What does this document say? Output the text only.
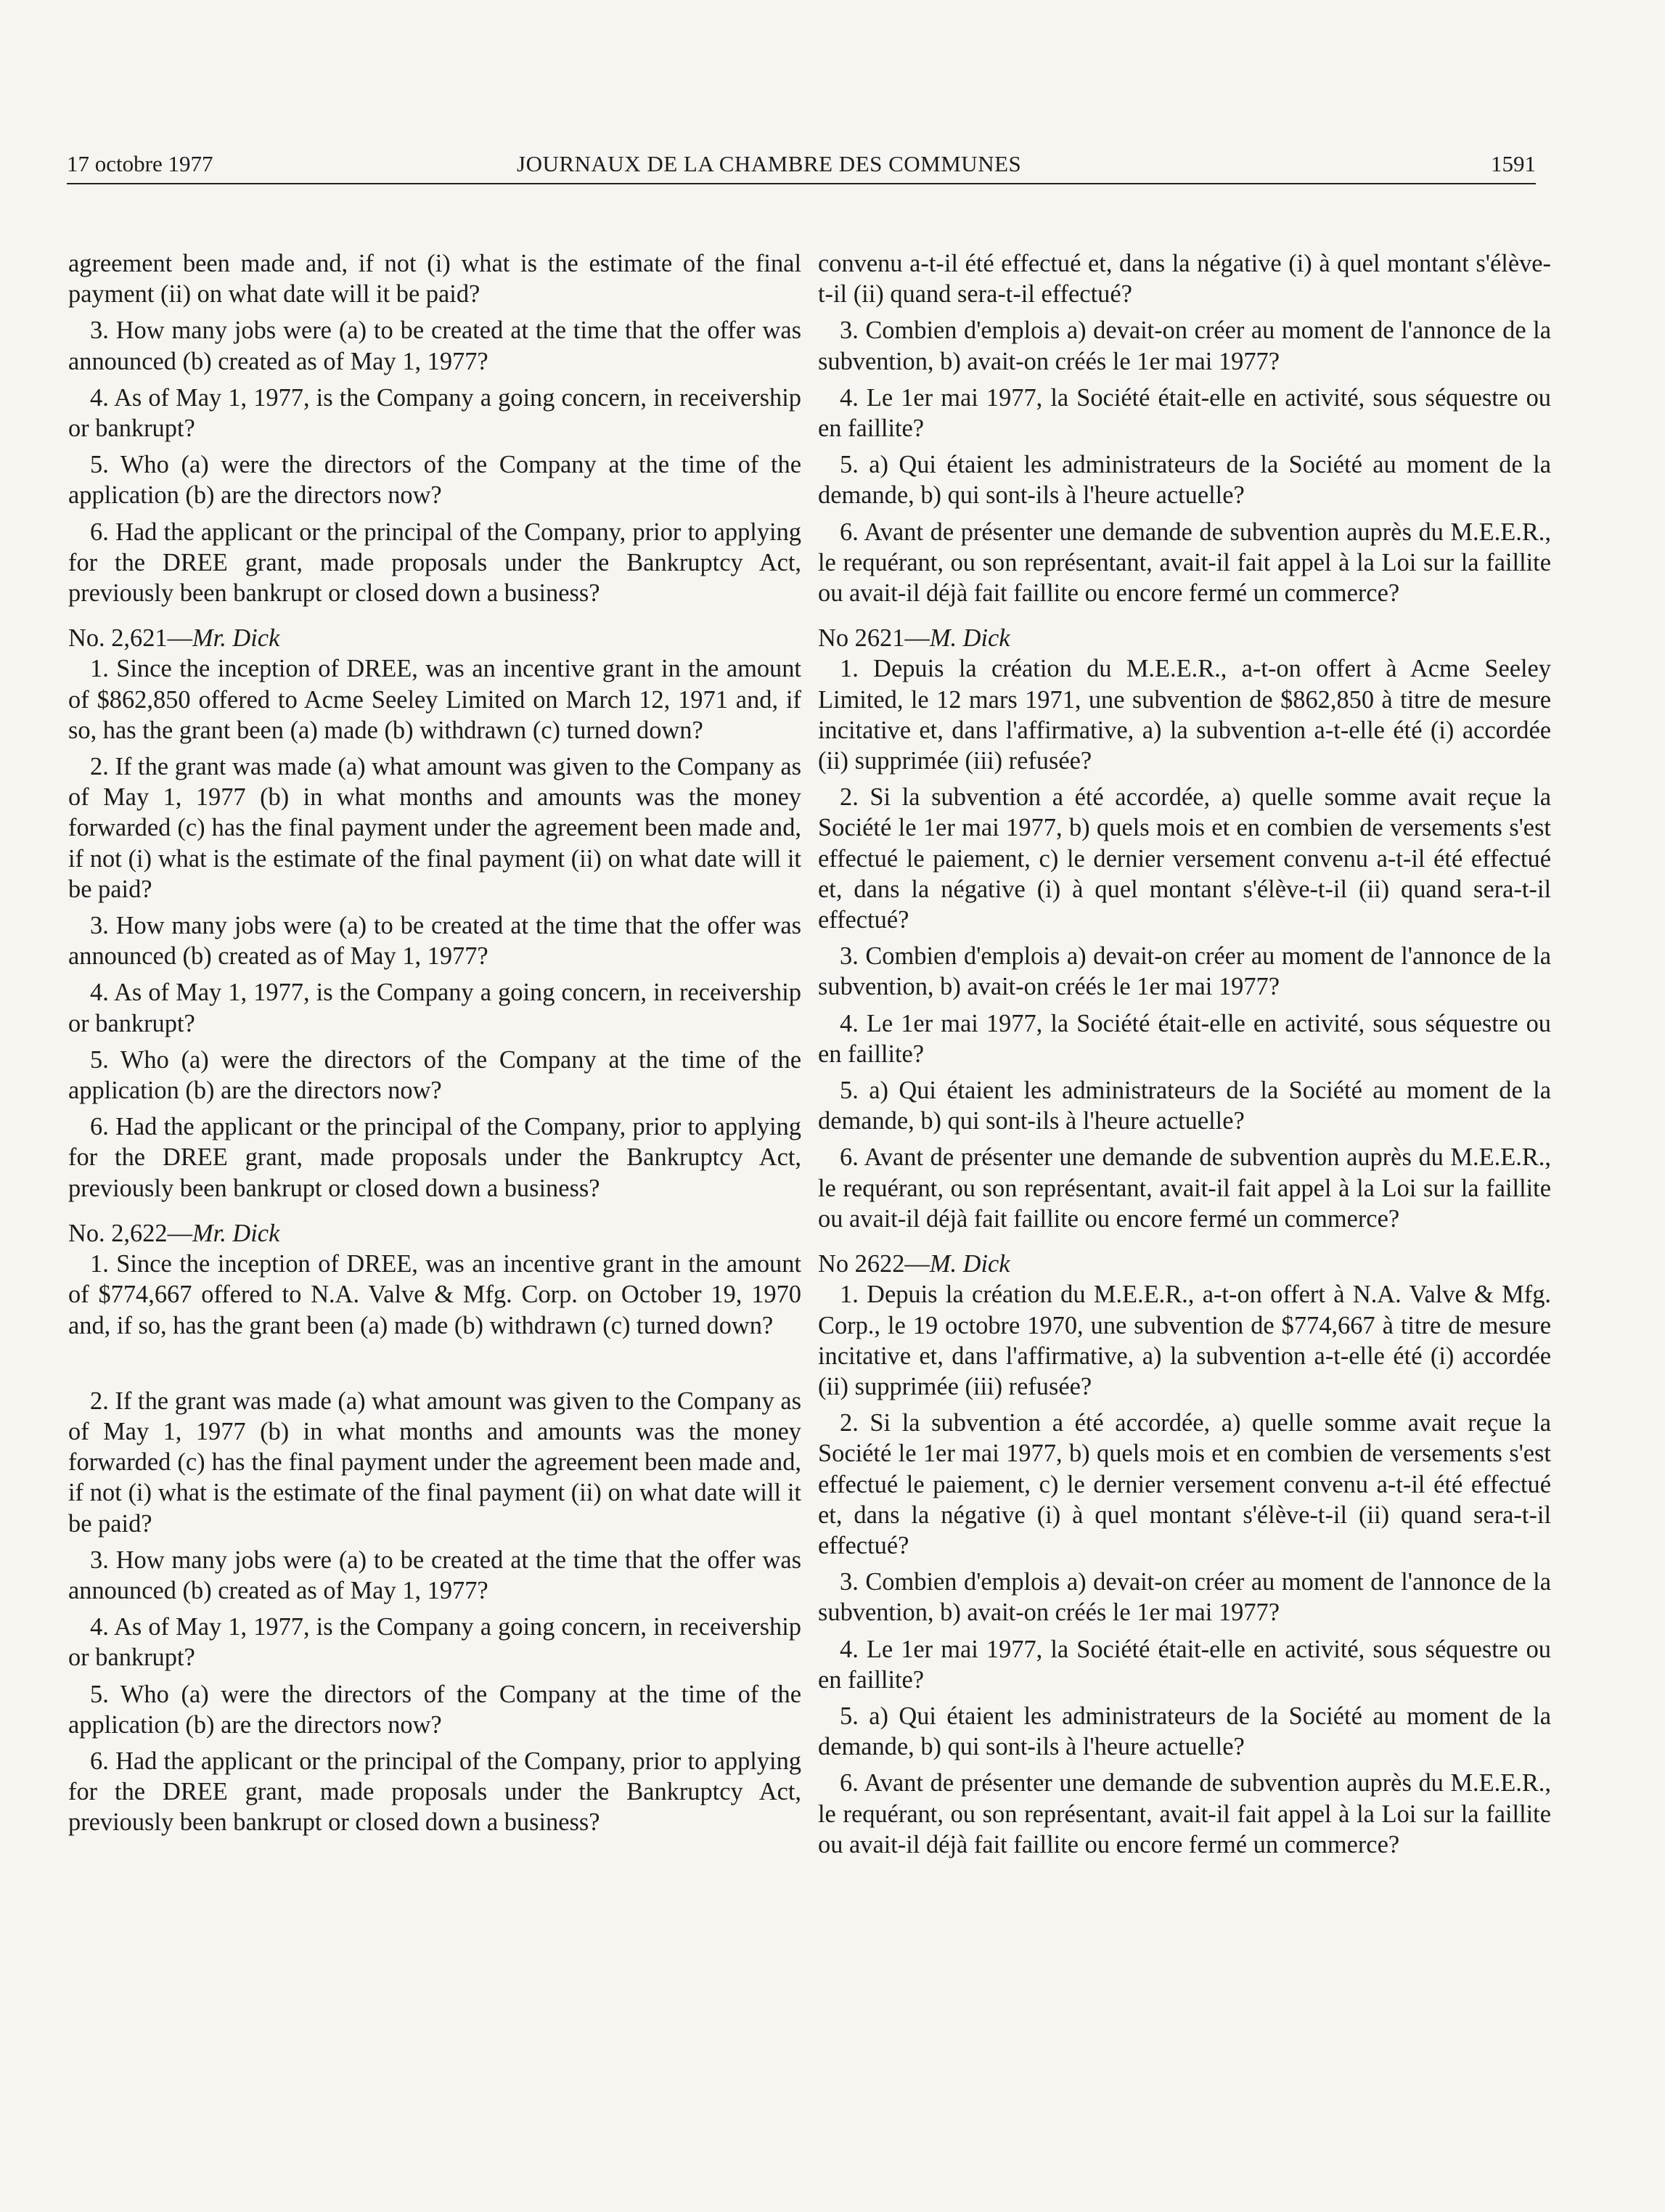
17 octobre 1977	JOURNAUX DE LA CHAMBRE DES COMMUNES	1591

agreement been made and, if not (i) what is the estimate of the final payment (ii) on what date will it be paid?

3. How many jobs were (a) to be created at the time that the offer was announced (b) created as of May 1, 1977?

4. As of May 1, 1977, is the Company a going concern, in receivership or bankrupt?

5. Who (a) were the directors of the Company at the time of the application (b) are the directors now?

6. Had the applicant or the principal of the Company, prior to applying for the DREE grant, made proposals under the Bankruptcy Act, previously been bankrupt or closed down a business?

No. 2,621—Mr. Dick

1. Since the inception of DREE, was an incentive grant in the amount of $862,850 offered to Acme Seeley Limited on March 12, 1971 and, if so, has the grant been (a) made (b) withdrawn (c) turned down?

2. If the grant was made (a) what amount was given to the Company as of May 1, 1977 (b) in what months and amounts was the money forwarded (c) has the final payment under the agreement been made and, if not (i) what is the estimate of the final payment (ii) on what date will it be paid?

3. How many jobs were (a) to be created at the time that the offer was announced (b) created as of May 1, 1977?

4. As of May 1, 1977, is the Company a going concern, in receivership or bankrupt?

5. Who (a) were the directors of the Company at the time of the application (b) are the directors now?

6. Had the applicant or the principal of the Company, prior to applying for the DREE grant, made proposals under the Bankruptcy Act, previously been bankrupt or closed down a business?

No. 2,622—Mr. Dick

1. Since the inception of DREE, was an incentive grant in the amount of $774,667 offered to N.A. Valve & Mfg. Corp. on October 19, 1970 and, if so, has the grant been (a) made (b) withdrawn (c) turned down?

2. If the grant was made (a) what amount was given to the Company as of May 1, 1977 (b) in what months and amounts was the money forwarded (c) has the final payment under the agreement been made and, if not (i) what is the estimate of the final payment (ii) on what date will it be paid?

3. How many jobs were (a) to be created at the time that the offer was announced (b) created as of May 1, 1977?

4. As of May 1, 1977, is the Company a going concern, in receivership or bankrupt?

5. Who (a) were the directors of the Company at the time of the application (b) are the directors now?

6. Had the applicant or the principal of the Company, prior to applying for the DREE grant, made proposals under the Bankruptcy Act, previously been bankrupt or closed down a business?

convenu a-t-il été effectué et, dans la négative (i) à quel montant s'élève-t-il (ii) quand sera-t-il effectué?

3. Combien d'emplois a) devait-on créer au moment de l'annonce de la subvention, b) avait-on créés le 1er mai 1977?

4. Le 1er mai 1977, la Société était-elle en activité, sous séquestre ou en faillite?

5. a) Qui étaient les administrateurs de la Société au moment de la demande, b) qui sont-ils à l'heure actuelle?

6. Avant de présenter une demande de subvention auprès du M.E.E.R., le requérant, ou son représentant, avait-il fait appel à la Loi sur la faillite ou avait-il déjà fait faillite ou encore fermé un commerce?

No 2621—M. Dick

1. Depuis la création du M.E.E.R., a-t-on offert à Acme Seeley Limited, le 12 mars 1971, une subvention de $862,850 à titre de mesure incitative et, dans l'affirmative, a) la subvention a-t-elle été (i) accordée (ii) supprimée (iii) refusée?

2. Si la subvention a été accordée, a) quelle somme avait reçue la Société le 1er mai 1977, b) quels mois et en combien de versements s'est effectué le paiement, c) le dernier versement convenu a-t-il été effectué et, dans la négative (i) à quel montant s'élève-t-il (ii) quand sera-t-il effectué?

3. Combien d'emplois a) devait-on créer au moment de l'annonce de la subvention, b) avait-on créés le 1er mai 1977?

4. Le 1er mai 1977, la Société était-elle en activité, sous séquestre ou en faillite?

5. a) Qui étaient les administrateurs de la Société au moment de la demande, b) qui sont-ils à l'heure actuelle?

6. Avant de présenter une demande de subvention auprès du M.E.E.R., le requérant, ou son représentant, avait-il fait appel à la Loi sur la faillite ou avait-il déjà fait faillite ou encore fermé un commerce?

No 2622—M. Dick

1. Depuis la création du M.E.E.R., a-t-on offert à N.A. Valve & Mfg. Corp., le 19 octobre 1970, une subvention de $774,667 à titre de mesure incitative et, dans l'affirmative, a) la subvention a-t-elle été (i) accordée (ii) supprimée (iii) refusée?

2. Si la subvention a été accordée, a) quelle somme avait reçue la Société le 1er mai 1977, b) quels mois et en combien de versements s'est effectué le paiement, c) le dernier versement convenu a-t-il été effectué et, dans la négative (i) à quel montant s'élève-t-il (ii) quand sera-t-il effectué?

3. Combien d'emplois a) devait-on créer au moment de l'annonce de la subvention, b) avait-on créés le 1er mai 1977?

4. Le 1er mai 1977, la Société était-elle en activité, sous séquestre ou en faillite?

5. a) Qui étaient les administrateurs de la Société au moment de la demande, b) qui sont-ils à l'heure actuelle?

6. Avant de présenter une demande de subvention auprès du M.E.E.R., le requérant, ou son représentant, avait-il fait appel à la Loi sur la faillite ou avait-il déjà fait faillite ou encore fermé un commerce?
